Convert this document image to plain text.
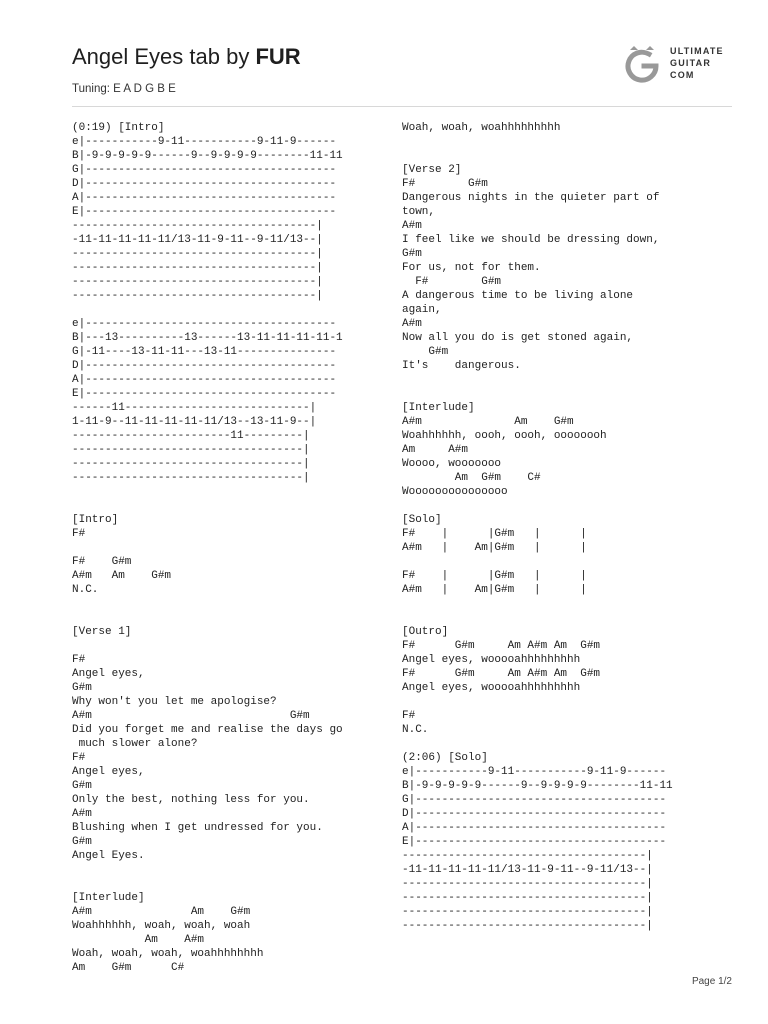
Angel Eyes tab by FUR
Tuning: E A D G B E
ULTIMATE
GUITAR
COM
(0:19) [Intro]
e|-----------9-11-----------9-11-9------
B|-9-9-9-9-9------9--9-9-9-9--------11-11
G|--------------------------------------
D|--------------------------------------
A|--------------------------------------
E|--------------------------------------
-------------------------------------|
-11-11-11-11-11/13-11-9-11--9-11/13--|
-------------------------------------|
-------------------------------------|
-------------------------------------|
-------------------------------------|

e|--------------------------------------
B|---13----------13------13-11-11-11-11-1
G|-11----13-11-11---13-11---------------
D|--------------------------------------
A|--------------------------------------
E|--------------------------------------
------11----------------------------|
1-11-9--11-11-11-11-11/13--13-11-9--|
------------------------11---------|
-----------------------------------|
-----------------------------------|
-----------------------------------|

[Intro]
F#

F#    G#m
A#m   Am    G#m
N.C.

[Verse 1]

F#
Angel eyes,
G#m
Why won't you let me apologise?
A#m                              G#m
Did you forget me and realise the days go
much slower alone?
F#
Angel eyes,
G#m
Only the best, nothing less for you.
A#m
Blushing when I get undressed for you.
G#m
Angel Eyes.

[Interlude]
A#m               Am    G#m
Woahhhhhh, woah, woah, woah
Am    A#m
Woah, woah, woah, woahhhhhhhh
Am    G#m      C#
Woah, woah, woahhhhhhhhh

[Verse 2]
F#        G#m
Dangerous nights in the quieter part of
town,
A#m
I feel like we should be dressing down,
G#m
For us, not for them.
F#        G#m
A dangerous time to be living alone
again,
A#m
Now all you do is get stoned again,
G#m
It's    dangerous.

[Interlude]
A#m              Am    G#m
Woahhhhhh, oooh, oooh, oooooooh
Am     A#m
Woooo, wooooooo
Am  G#m    C#
Wooooooooooooooo

[Solo]
F#    |      |G#m   |      |
A#m   |    Am|G#m   |      |

F#    |      |G#m   |      |
A#m   |    Am|G#m   |      |

[Outro]
F#      G#m     Am A#m Am  G#m
Angel eyes, wooooahhhhhhhhh
F#      G#m     Am A#m Am  G#m
Angel eyes, wooooahhhhhhhhh

F#
N.C.

(2:06) [Solo]
e|-----------9-11-----------9-11-9------
B|-9-9-9-9-9------9--9-9-9-9--------11-11
G|--------------------------------------
D|--------------------------------------
A|--------------------------------------
E|--------------------------------------
-------------------------------------|
-11-11-11-11-11/13-11-9-11--9-11/13--|
-------------------------------------|
-------------------------------------|
-------------------------------------|
-------------------------------------|
Page 1/2
